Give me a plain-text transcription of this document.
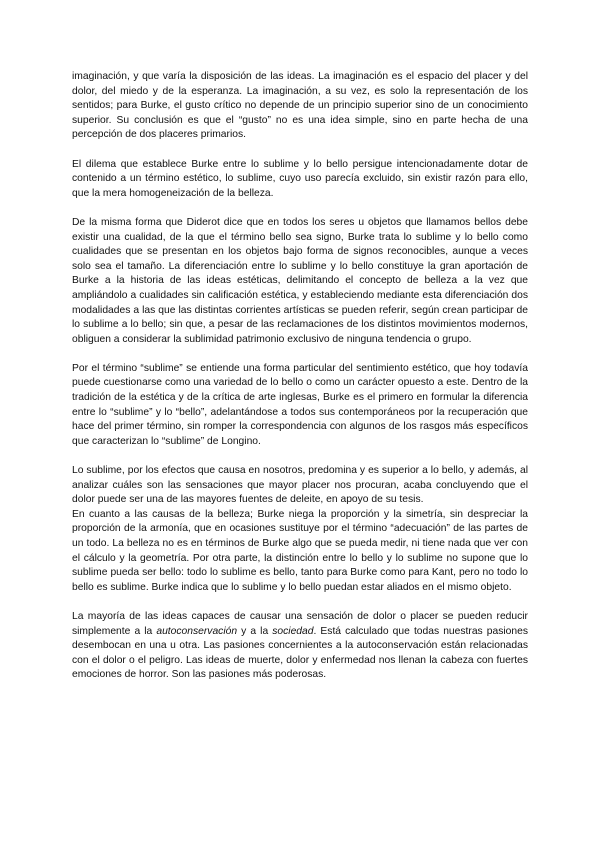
imaginación, y que varía la disposición de las ideas. La imaginación es el espacio del placer y del dolor, del miedo y de la esperanza. La imaginación, a su vez, es solo la representación de los sentidos; para Burke, el gusto crítico no depende de un principio superior sino de un conocimiento superior. Su conclusión es que el “gusto” no es una idea simple, sino en parte hecha de una percepción de dos placeres primarios.

El dilema que establece Burke entre lo sublime y lo bello persigue intencionadamente dotar de contenido a un término estético, lo sublime, cuyo uso parecía excluido, sin existir razón para ello, que la mera homogeneización de la belleza.

De la misma forma que Diderot dice que en todos los seres u objetos que llamamos bellos debe existir una cualidad, de la que el término bello sea signo, Burke trata lo sublime y lo bello como cualidades que se presentan en los objetos bajo forma de signos reconocibles, aunque a veces solo sea el tamaño. La diferenciación entre lo sublime y lo bello constituye la gran aportación de Burke a la historia de las ideas estéticas, delimitando el concepto de belleza a la vez que ampliándolo a cualidades sin calificación estética, y estableciendo mediante esta diferenciación dos modalidades a las que las distintas corrientes artísticas se pueden referir, según crean participar de lo sublime a lo bello; sin que, a pesar de las reclamaciones de los distintos movimientos modernos, obliguen a considerar la sublimidad patrimonio exclusivo de ninguna tendencia o grupo.

Por el término “sublime” se entiende una forma particular del sentimiento estético, que hoy todavía puede cuestionarse como una variedad de lo bello o como un carácter opuesto a este. Dentro de la tradición de la estética y de la crítica de arte inglesas, Burke es el primero en formular la diferencia entre lo “sublime” y lo “bello”, adelantándose a todos sus contemporáneos por la recuperación que hace del primer término, sin romper la correspondencia con algunos de los rasgos más específicos que caracterizan lo “sublime” de Longino.

Lo sublime, por los efectos que causa en nosotros, predomina y es superior a lo bello, y además, al analizar cuáles son las sensaciones que mayor placer nos procuran, acaba concluyendo que el dolor puede ser una de las mayores fuentes de deleite, en apoyo de su tesis.

En cuanto a las causas de la belleza; Burke niega la proporción y la simetría, sin despreciar la proporción de la armonía, que en ocasiones sustituye por el término “adecuación” de las partes de un todo. La belleza no es en términos de Burke algo que se pueda medir, ni tiene nada que ver con el cálculo y la geometría. Por otra parte, la distinción entre lo bello y lo sublime no supone que lo sublime pueda ser bello: todo lo sublime es bello, tanto para Burke como para Kant, pero no todo lo bello es sublime. Burke indica que lo sublime y lo bello puedan estar aliados en el mismo objeto.

La mayoría de las ideas capaces de causar una sensación de dolor o placer se pueden reducir simplemente a la autoconservación y a la sociedad. Está calculado que todas nuestras pasiones desembocan en una u otra. Las pasiones concernientes a la autoconservación están relacionadas con el dolor o el peligro. Las ideas de muerte, dolor y enfermedad nos llenan la cabeza con fuertes emociones de horror. Son las pasiones más poderosas.
